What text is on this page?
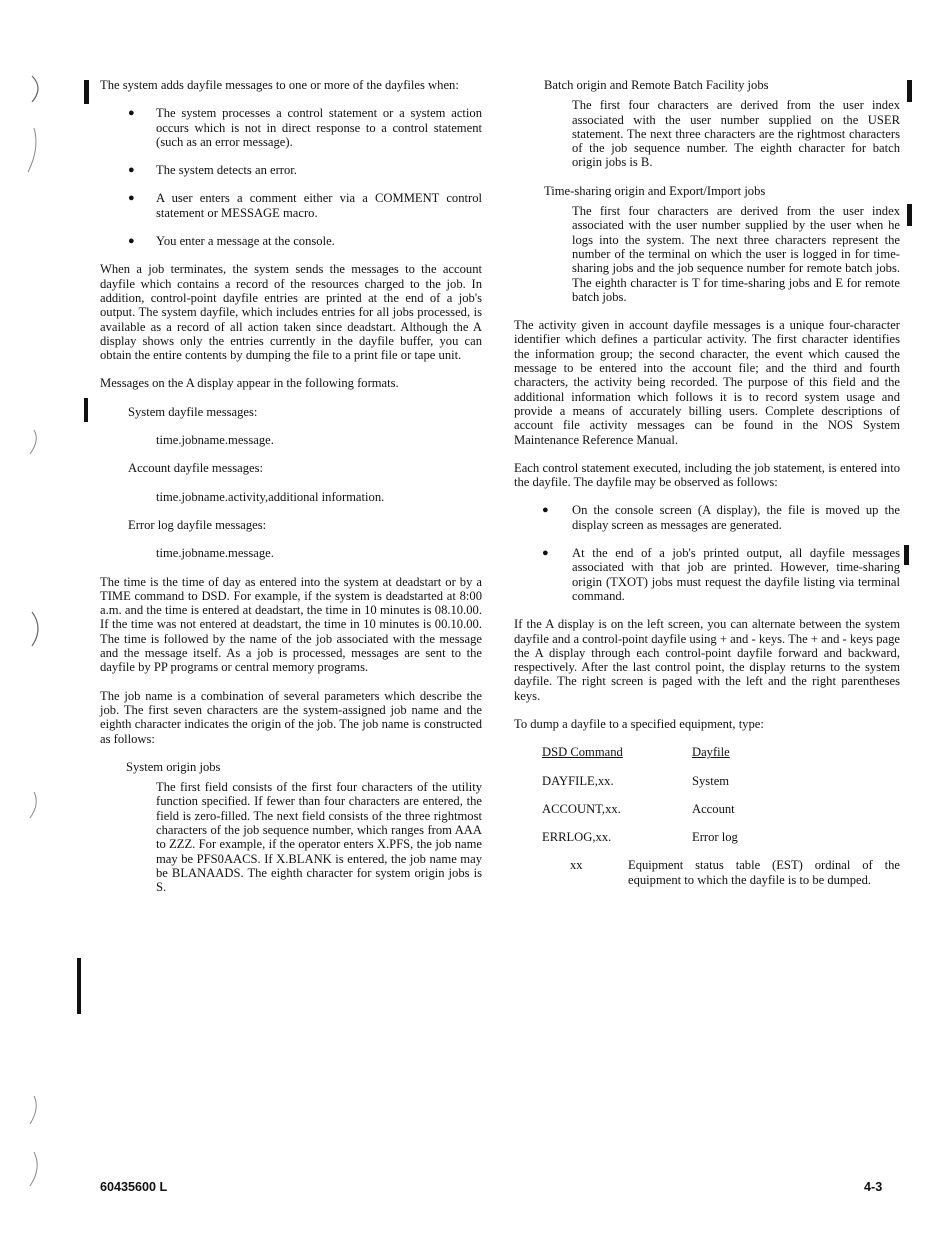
The system adds dayfile messages to one or more of the dayfiles when:

● The system processes a control statement or a system action occurs which is not in direct response to a control statement (such as an error message).
● The system detects an error.
● A user enters a comment either via a COMMENT control statement or MESSAGE macro.
● You enter a message at the console.

When a job terminates, the system sends the messages to the account dayfile which contains a record of the resources charged to the job. In addition, control-point dayfile entries are printed at the end of a job's output. The system dayfile, which includes entries for all jobs processed, is available as a record of all action taken since deadstart. Although the A display shows only the entries currently in the dayfile buffer, you can obtain the entire contents by dumping the file to a print file or tape unit.

Messages on the A display appear in the following formats.

System dayfile messages:
time.jobname.message.
Account dayfile messages:
time.jobname.activity,additional information.
Error log dayfile messages:
time.jobname.message.

The time is the time of day as entered into the system at deadstart or by a TIME command to DSD. For example, if the system is deadstarted at 8:00 a.m. and the time is entered at deadstart, the time in 10 minutes is 08.10.00. If the time was not entered at deadstart, the time in 10 minutes is 00.10.00. The time is followed by the name of the job associated with the message and the message itself. As a job is processed, messages are sent to the dayfile by PP programs or central memory programs.

The job name is a combination of several parameters which describe the job. The first seven characters are the system-assigned job name and the eighth character indicates the origin of the job. The job name is constructed as follows:

System origin jobs
The first field consists of the first four characters of the utility function specified. If fewer than four characters are entered, the field is zero-filled. The next field consists of the three rightmost characters of the job sequence number, which ranges from AAA to ZZZ. For example, if the operator enters X.PFS, the job name may be PFS0AACS. If X.BLANK is entered, the job name may be BLANAADS. The eighth character for system origin jobs is S.
Batch origin and Remote Batch Facility jobs
The first four characters are derived from the user index associated with the user number supplied on the USER statement. The next three characters are the rightmost characters of the job sequence number. The eighth character for batch origin jobs is B.
Time-sharing origin and Export/Import jobs
The first four characters are derived from the user index associated with the user number supplied by the user when he logs into the system. The next three characters represent the number of the terminal on which the user is logged in for time-sharing jobs and the job sequence number for remote batch jobs. The eighth character is T for time-sharing jobs and E for remote batch jobs.

The activity given in account dayfile messages is a unique four-character identifier which defines a particular activity. The first character identifies the information group; the second character, the event which caused the message to be entered into the account file; and the third and fourth characters, the activity being recorded. The purpose of this field and the additional information which follows it is to record system usage and provide a means of accurately billing users. Complete descriptions of account file activity messages can be found in the NOS System Maintenance Reference Manual.

Each control statement executed, including the job statement, is entered into the dayfile. The dayfile may be observed as follows:

● On the console screen (A display), the file is moved up the display screen as messages are generated.
● At the end of a job's printed output, all dayfile messages associated with that job are printed. However, time-sharing origin (TXOT) jobs must request the dayfile listing via terminal command.

If the A display is on the left screen, you can alternate between the system dayfile and a control-point dayfile using + and - keys. The + and - keys page the A display through each control-point dayfile forward and backward, respectively. After the last control point, the display returns to the system dayfile. The right screen is paged with the left and the right parentheses keys.

To dump a dayfile to a specified equipment, type:

DSD Command	Dayfile
DAYFILE,xx.	System
ACCOUNT,xx.	Account
ERRLOG,xx.	Error log
xx	Equipment status table (EST) ordinal of the equipment to which the dayfile is to be dumped.
60435600 L	4-3
